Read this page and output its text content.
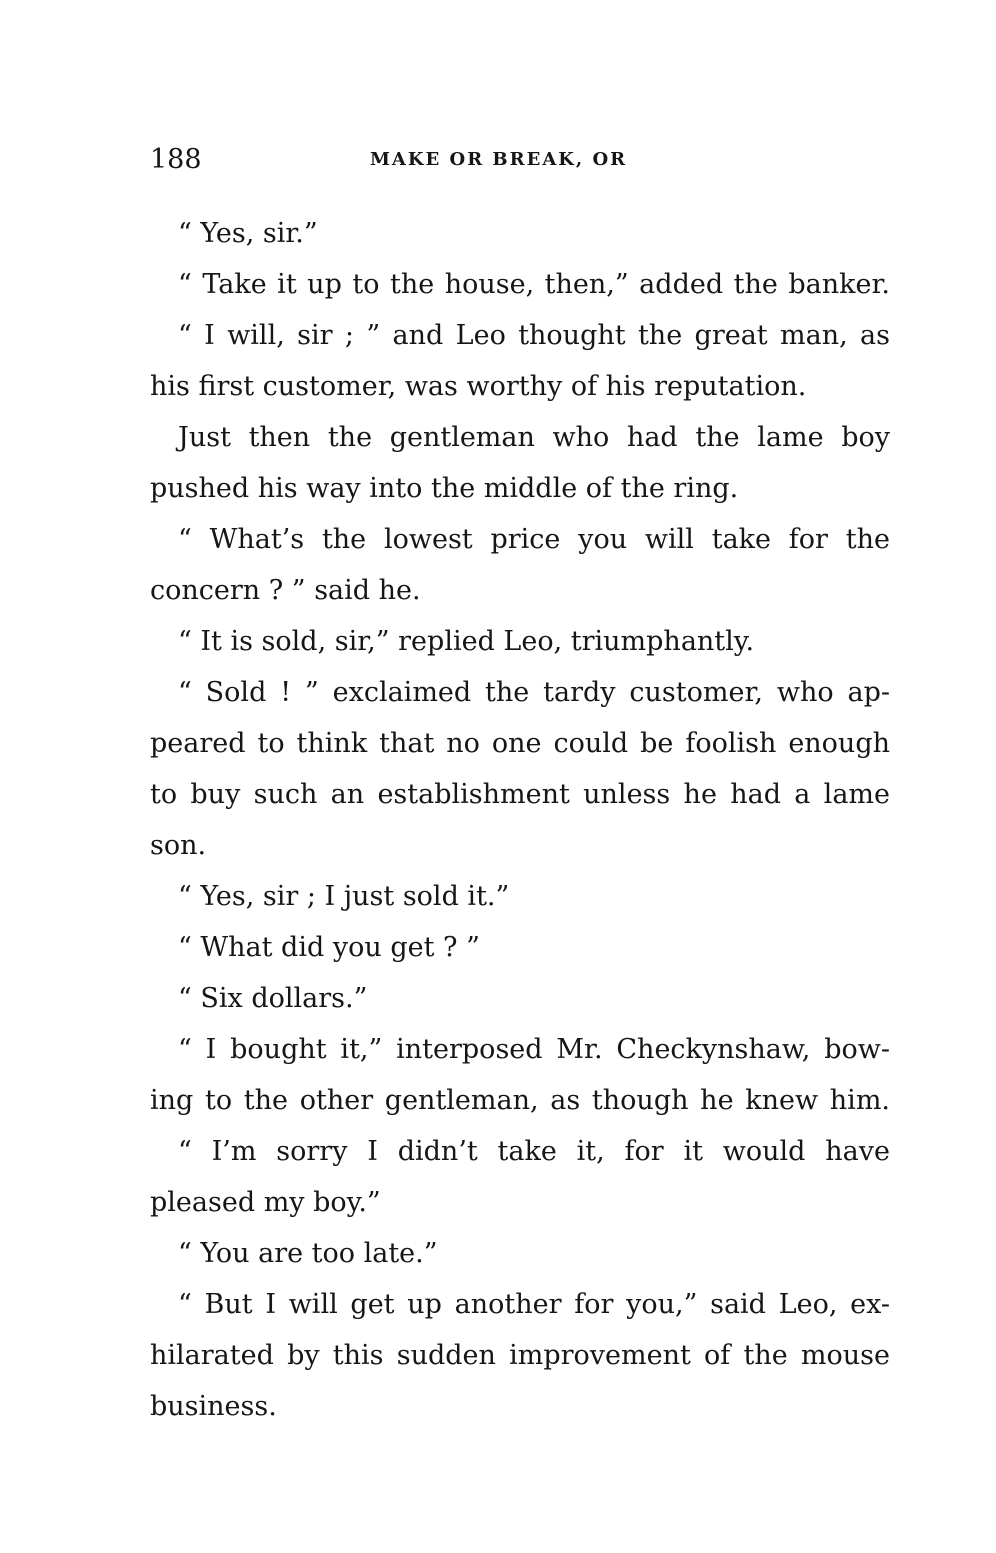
188	MAKE OR BREAK, OR
“ Yes, sir.”
“ Take it up to the house, then,” added the banker.
“ I will, sir ; ” and Leo thought the great man, as
his first customer, was worthy of his reputation.
Just then the gentleman who had the lame boy
pushed his way into the middle of the ring.
“ What’s the lowest price you will take for the
concern ? ” said he.
“ It is sold, sir,” replied Leo, triumphantly.
“ Sold ! ” exclaimed the tardy customer, who ap-
peared to think that no one could be foolish enough
to buy such an establishment unless he had a lame
son.
“ Yes, sir ; I just sold it.”
“ What did you get ? ”
“ Six dollars.”
“ I bought it,” interposed Mr. Checkynshaw, bow-
ing to the other gentleman, as though he knew him.
“ I’m sorry I didn’t take it, for it would have
pleased my boy.”
“ You are too late.”
“ But I will get up another for you,” said Leo, ex-
hilarated by this sudden improvement of the mouse
business.
